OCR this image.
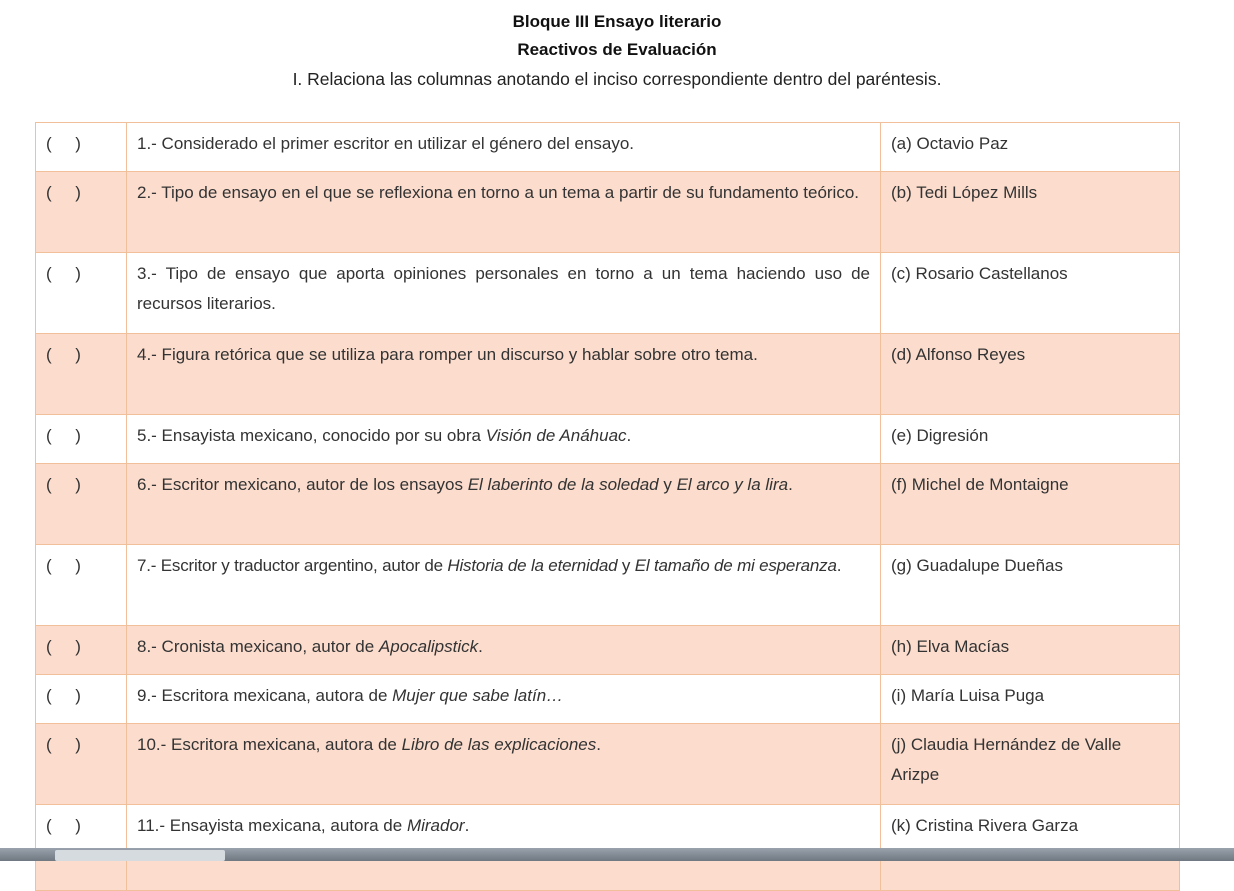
Bloque III Ensayo literario
Reactivos de Evaluación
I. Relaciona las columnas anotando el inciso correspondiente dentro del paréntesis.
(     )	1.- Considerado el primer escritor en utilizar el género del ensayo.	(a) Octavio Paz
(     )	2.- Tipo de ensayo en el que se reflexiona en torno a un tema a partir de su fundamento teórico.	(b) Tedi López Mills
(     )	3.- Tipo de ensayo que aporta opiniones personales en torno a un tema haciendo uso de recursos literarios.	(c) Rosario Castellanos
(     )	4.- Figura retórica que se utiliza para romper un discurso y hablar sobre otro tema.	(d) Alfonso Reyes
(     )	5.- Ensayista mexicano, conocido por su obra Visión de Anáhuac.	(e) Digresión
(     )	6.- Escritor mexicano, autor de los ensayos El laberinto de la soledad y El arco y la lira.	(f) Michel de Montaigne
(     )	7.- Escritor y traductor argentino, autor de Historia de la eternidad y El tamaño de mi esperanza.	(g) Guadalupe Dueñas
(     )	8.- Cronista mexicano, autor de Apocalipstick.	(h) Elva Macías
(     )	9.- Escritora mexicana, autora de Mujer que sabe latín…	(i) María Luisa Puga
(     )	10.- Escritora mexicana, autora de Libro de las explicaciones.	(j) Claudia Hernández de Valle Arizpe
(     )	11.- Ensayista mexicana, autora de Mirador.	(k) Cristina Rivera Garza
